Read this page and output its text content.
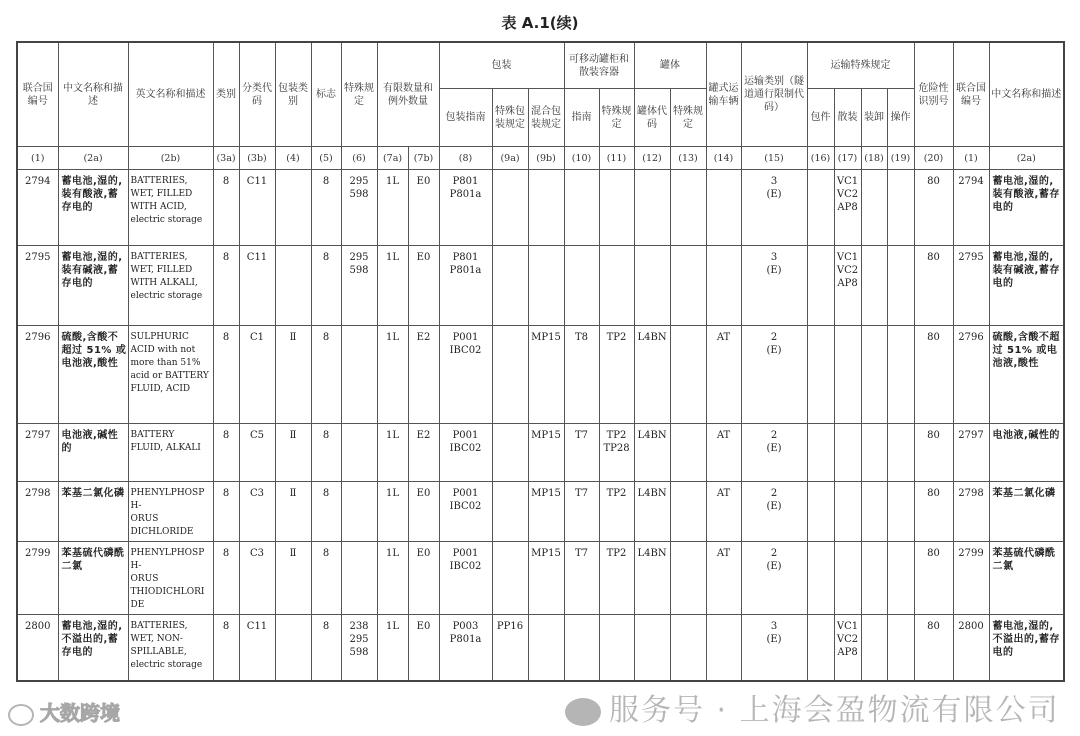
表 A.1(续)
联合国编号	中文名称和描述	英文名称和描述	类别	分类代码	包装类别	标志	特殊规定	有限数量和例外数量		包装			可移动罐柜和散装容器		罐体		罐式运输车辆	运输类别（隧道通行限制代码）	运输特殊规定				危险性识别号	联合国编号	中文名称和描述
										包装指南	特殊包装规定	混合包装规定	指南	特殊规定	罐体代码	特殊规定			包件	散装	装卸	操作			
(1)	(2a)	(2b)	(3a)	(3b)	(4)	(5)	(6)	(7a)	(7b)	(8)	(9a)	(9b)	(10)	(11)	(12)	(13)	(14)	(15)	(16)	(17)	(18)	(19)	(20)	(1)	(2a)
2794	蓄电池,湿的,装有酸液,蓄存电的	BATTERIES,
WET, FILLED
WITH ACID,
electric storage	8	C11		8	295
598	1L	E0	P801
P801a								3
(E)		VC1
VC2
AP8			80	2794	蓄电池,湿的,装有酸液,蓄存电的
2795	蓄电池,湿的,装有碱液,蓄存电的	BATTERIES,
WET, FILLED
WITH ALKALI,
electric storage	8	C11		8	295
598	1L	E0	P801
P801a								3
(E)		VC1
VC2
AP8			80	2795	蓄电池,湿的,装有碱液,蓄存电的
2796	硫酸,含酸不超过 51% 或电池液,酸性	SULPHURIC
ACID with not
more than 51%
acid or BATTERY
FLUID, ACID	8	C1	Ⅱ	8		1L	E2	P001
IBC02		MP15	T8	TP2	L4BN		AT	2
(E)					80	2796	硫酸,含酸不超过 51% 或电池液,酸性
2797	电池液,碱性的	BATTERY
FLUID, ALKALI	8	C5	Ⅱ	8		1L	E2	P001
IBC02		MP15	T7	TP2
TP28	L4BN		AT	2
(E)					80	2797	电池液,碱性的
2798	苯基二氯化磷	PHENYLPHOSPH-
ORUS
DICHLORIDE	8	C3	Ⅱ	8		1L	E0	P001
IBC02		MP15	T7	TP2	L4BN		AT	2
(E)					80	2798	苯基二氯化磷
2799	苯基硫代磷酰二氯	PHENYLPHOSPH-
ORUS
THIODICHLORIDE	8	C3	Ⅱ	8		1L	E0	P001
IBC02		MP15	T7	TP2	L4BN		AT	2
(E)					80	2799	苯基硫代磷酰二氯
2800	蓄电池,湿的,不溢出的,蓄存电的	BATTERIES,
WET, NON-
SPILLABLE,
electric storage	8	C11		8	238
295
598	1L	E0	P003
P801a	PP16							3
(E)		VC1
VC2
AP8			80	2800	蓄电池,湿的,不溢出的,蓄存电的
服务号 · 上海会盈物流有限公司
大数跨境
